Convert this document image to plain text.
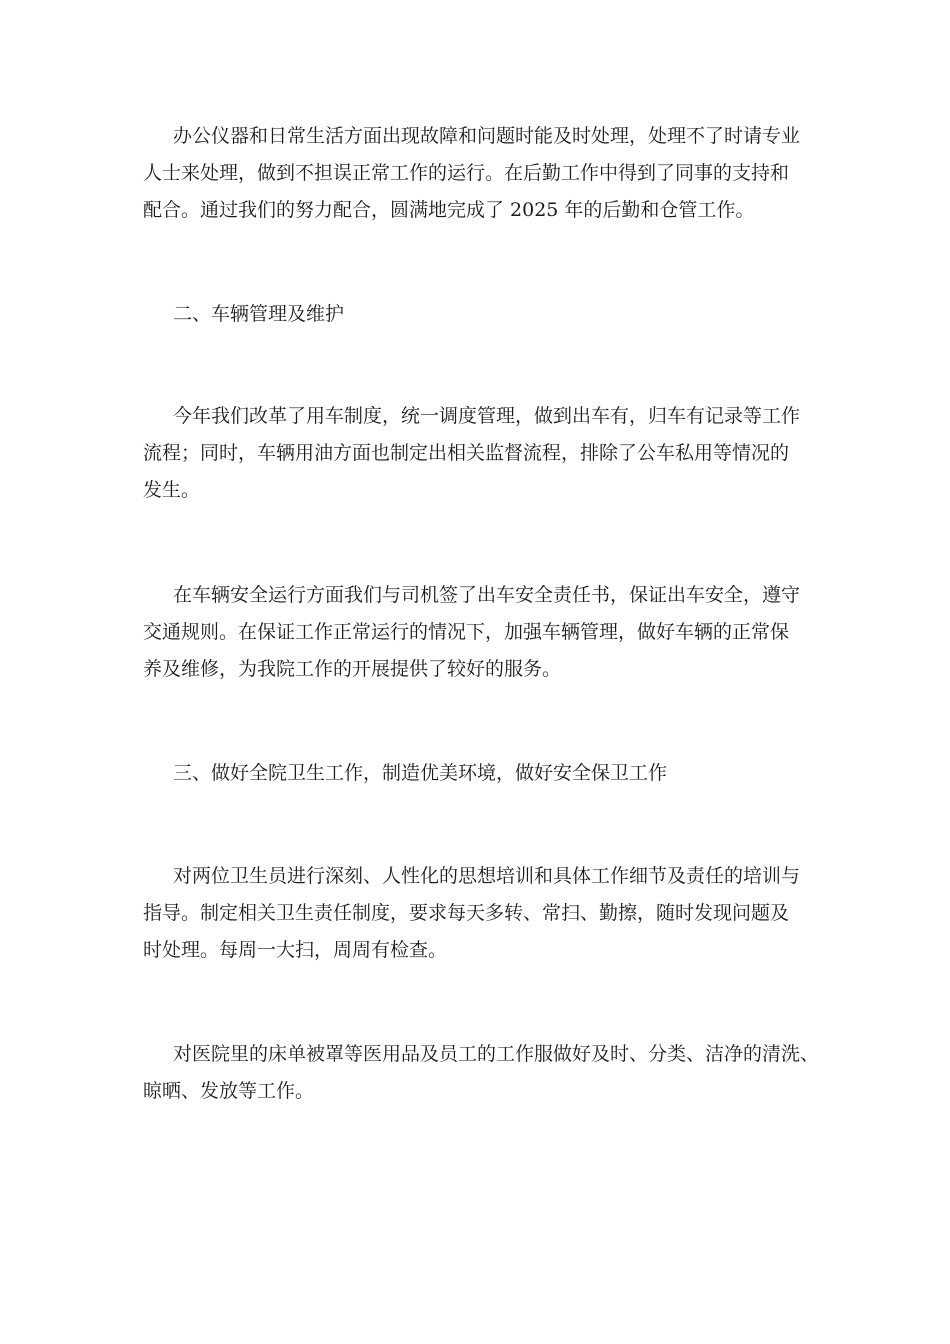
办公仪器和日常生活方面出现故障和问题时能及时处理，处理不了时请专业
人士来处理，做到不担误正常工作的运行。在后勤工作中得到了同事的支持和
配合。通过我们的努力配合，圆满地完成了 2025 年的后勤和仓管工作。
二、车辆管理及维护
今年我们改革了用车制度，统一调度管理，做到出车有，归车有记录等工作
流程；同时，车辆用油方面也制定出相关监督流程，排除了公车私用等情况的
发生。
在车辆安全运行方面我们与司机签了出车安全责任书，保证出车安全，遵守
交通规则。在保证工作正常运行的情况下，加强车辆管理，做好车辆的正常保
养及维修，为我院工作的开展提供了较好的服务。
三、做好全院卫生工作，制造优美环境，做好安全保卫工作
对两位卫生员进行深刻、人性化的思想培训和具体工作细节及责任的培训与
指导。制定相关卫生责任制度，要求每天多转、常扫、勤擦，随时发现问题及
时处理。每周一大扫，周周有检查。
对医院里的床单被罩等医用品及员工的工作服做好及时、分类、洁净的清洗、
晾晒、发放等工作。
